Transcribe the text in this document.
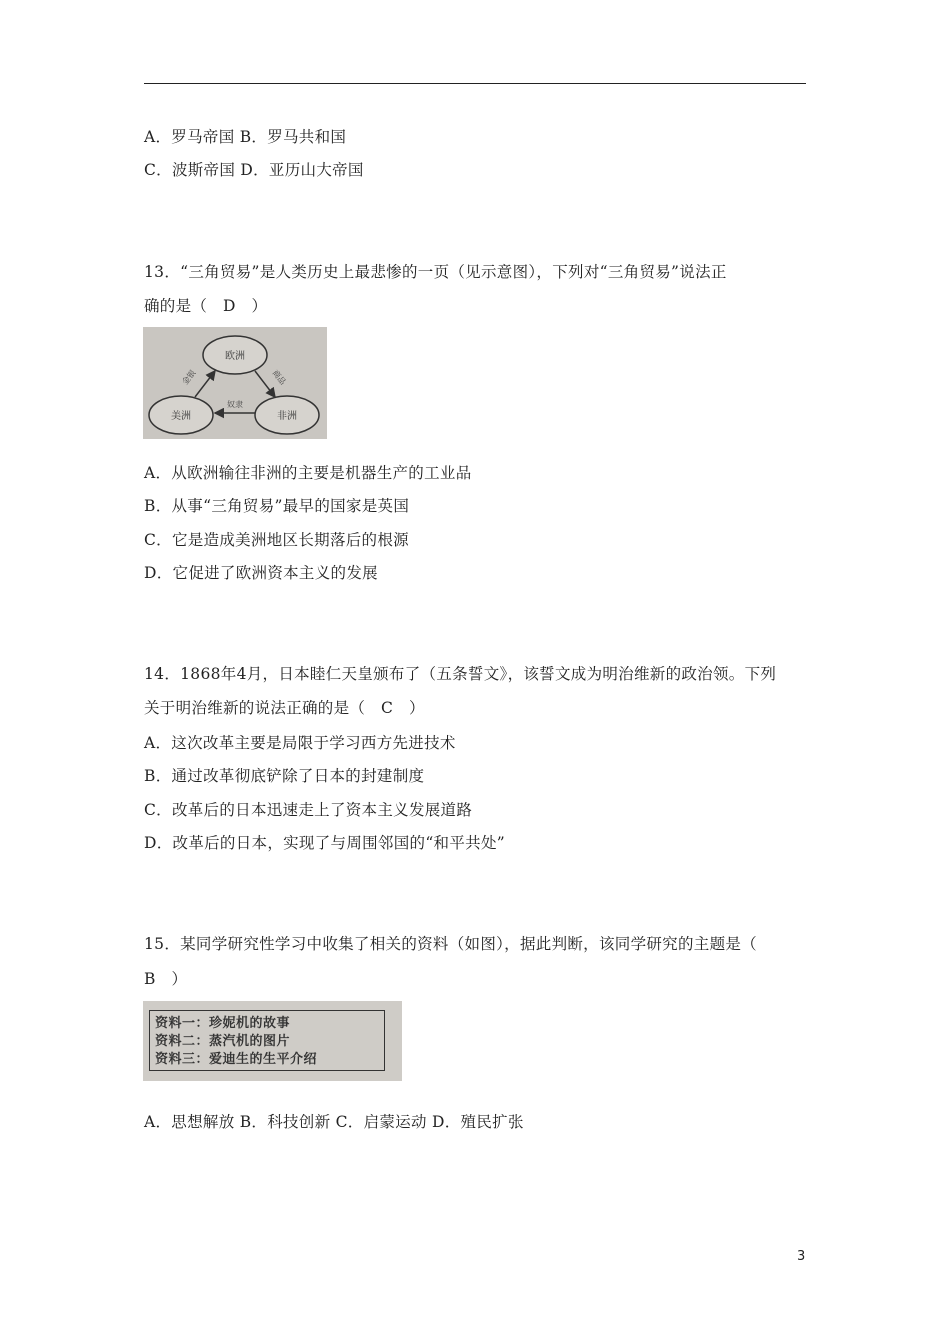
A．罗马帝国 B．罗马共和国
C．波斯帝国 D．亚历山大帝国
13．“三角贸易”是人类历史上最悲惨的一页（见示意图），下列对“三角贸易”说法正
确的是（　D　）
欧洲
美洲	非洲
金银	商品
奴隶
A．从欧洲输往非洲的主要是机器生产的工业品
B．从事“三角贸易”最早的国家是英国
C．它是造成美洲地区长期落后的根源
D．它促进了欧洲资本主义的发展
14．1868年4月，日本睦仁天皇颁布了（五条誓文》，该誓文成为明治维新的政治领。下列
关于明治维新的说法正确的是（　C　）
A．这次改革主要是局限于学习西方先进技术
B．通过改革彻底铲除了日本的封建制度
C．改革后的日本迅速走上了资本主义发展道路
D．改革后的日本，实现了与周围邻国的“和平共处”
15．某同学研究性学习中收集了相关的资料（如图），据此判断，该同学研究的主题是（
B　）
资料一：珍妮机的故事
资料二：蒸汽机的图片
资料三：爱迪生的生平介绍
A．思想解放 B．科技创新 C．启蒙运动 D．殖民扩张
3
